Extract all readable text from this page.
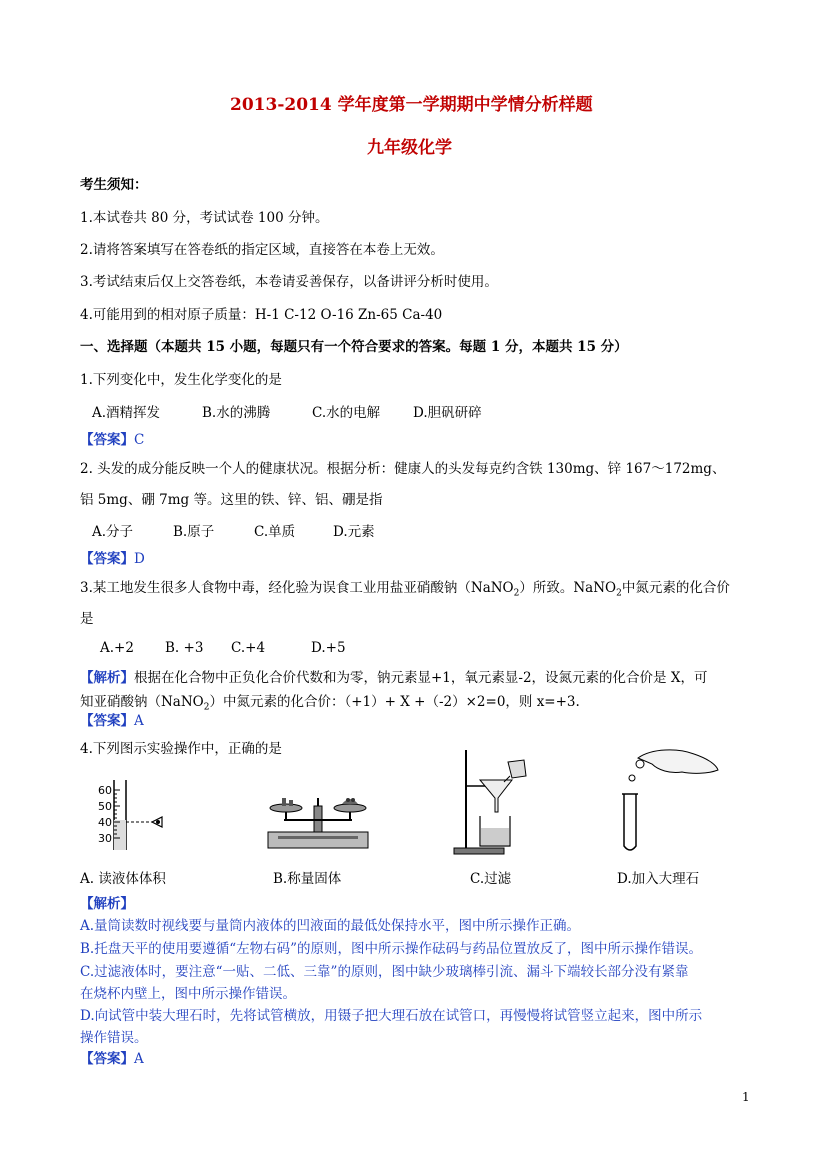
2013-2014 学年度第一学期期中学情分析样题
九年级化学
考生须知：
1.本试卷共 80 分，考试试卷 100 分钟。
2.请将答案填写在答卷纸的指定区域，直接答在本卷上无效。
3.考试结束后仅上交答卷纸，本卷请妥善保存，以备讲评分析时使用。
4.可能用到的相对原子质量：H-1 C-12 O-16 Zn-65 Ca-40
一、选择题（本题共 15 小题，每题只有一个符合要求的答案。每题 1 分，本题共 15 分）
1.下列变化中，发生化学变化的是
A.酒精挥发	B.水的沸腾	C.水的电解 D.胆矾研碎
【答案】C
2. 头发的成分能反映一个人的健康状况。根据分析：健康人的头发每克约含铁 130mg、锌 167～172mg、
铝 5mg、硼 7mg 等。这里的铁、锌、铝、硼是指
A.分子	B.原子	C.单质	D.元素
【答案】D
3.某工地发生很多人食物中毒，经化验为误食工业用盐亚硝酸钠（NaNO$_2$）所致。NaNO$_2$中氮元素的化合价
是
A.+2 B. +3 C.+4	D.+5
【解析】根据在化合物中正负化合价代数和为零，钠元素显+1，氧元素显-2，设氮元素的化合价是 X，可
知亚硝酸钠（NaNO$_2$）中氮元素的化合价：（+1）+ X +（-2）×2=0，则 x=+3.
【答案】A
4.下列图示实验操作中，正确的是
60
50
40
30
A. 读液体体积	B.称量固体	C.过滤	D.加入大理石
【解析】
A.量筒读数时视线要与量筒内液体的凹液面的最低处保持水平，图中所示操作正确。
B.托盘天平的使用要遵循“左物右码”的原则，图中所示操作砝码与药品位置放反了，图中所示操作错误。
C.过滤液体时，要注意“一贴、二低、三靠”的原则，图中缺少玻璃棒引流、漏斗下端较长部分没有紧靠
在烧杯内壁上，图中所示操作错误。
D.向试管中装大理石时，先将试管横放，用镊子把大理石放在试管口，再慢慢将试管竖立起来，图中所示
操作错误。
【答案】A
1
